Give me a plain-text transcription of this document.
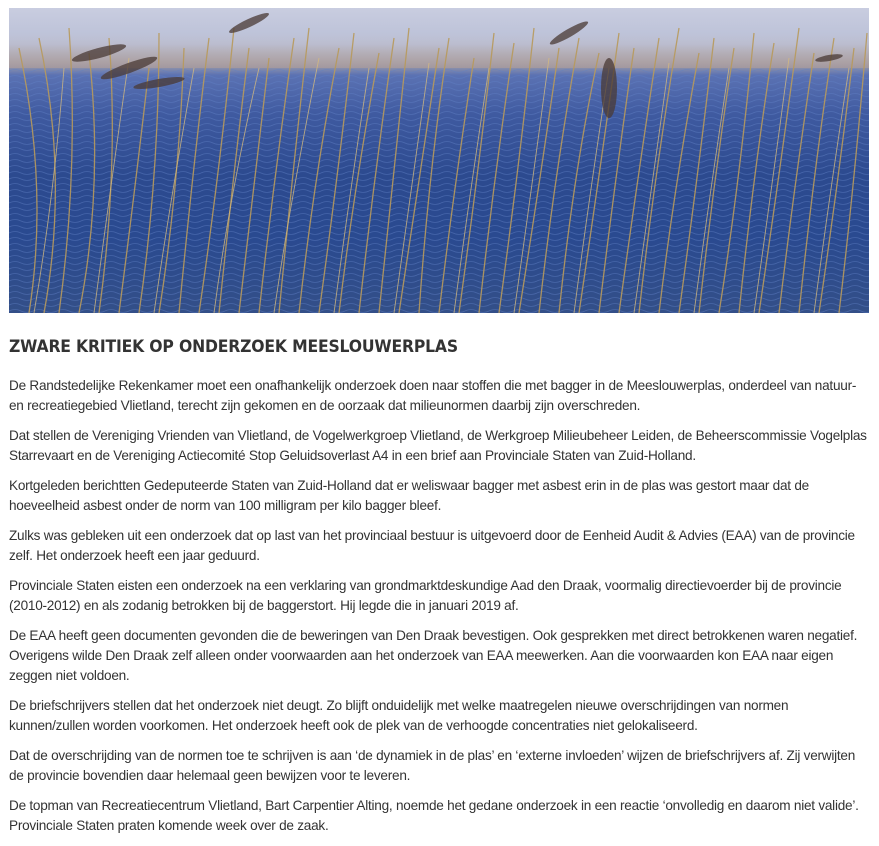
ZWARE KRITIEK OP ONDERZOEK MEESLOUWERPLAS

De Randstedelijke Rekenkamer moet een onafhankelijk onderzoek doen naar stoffen die met bagger in de Meeslouwerplas, onderdeel van natuur- en recreatiegebied Vlietland, terecht zijn gekomen en de oorzaak dat milieunormen daarbij zijn overschreden.

Dat stellen de Vereniging Vrienden van Vlietland, de Vogelwerkgroep Vlietland, de Werkgroep Milieubeheer Leiden, de Beheerscommissie Vogelplas Starrevaart en de Vereniging Actiecomité Stop Geluidsoverlast A4 in een brief aan Provinciale Staten van Zuid-Holland.

Kortgeleden berichtten Gedeputeerde Staten van Zuid-Holland dat er weliswaar bagger met asbest erin in de plas was gestort maar dat de hoeveelheid asbest onder de norm van 100 milligram per kilo bagger bleef.

Zulks was gebleken uit een onderzoek dat op last van het provinciaal bestuur is uitgevoerd door de Eenheid Audit & Advies (EAA) van de provincie zelf. Het onderzoek heeft een jaar geduurd.

Provinciale Staten eisten een onderzoek na een verklaring van grondmarktdeskundige Aad den Draak, voormalig directievoerder bij de provincie (2010-2012) en als zodanig betrokken bij de baggerstort. Hij legde die in januari 2019 af.

De EAA heeft geen documenten gevonden die de beweringen van Den Draak bevestigen. Ook gesprekken met direct betrokkenen waren negatief. Overigens wilde Den Draak zelf alleen onder voorwaarden aan het onderzoek van EAA meewerken. Aan die voorwaarden kon EAA naar eigen zeggen niet voldoen.

De briefschrijvers stellen dat het onderzoek niet deugt. Zo blijft onduidelijk met welke maatregelen nieuwe overschrijdingen van normen kunnen/zullen worden voorkomen. Het onderzoek heeft ook de plek van de verhoogde concentraties niet gelokaliseerd.

Dat de overschrijding van de normen toe te schrijven is aan ‘de dynamiek in de plas’ en ‘externe invloeden’ wijzen de briefschrijvers af. Zij verwijten de provincie bovendien daar helemaal geen bewijzen voor te leveren.

De topman van Recreatiecentrum Vlietland, Bart Carpentier Alting, noemde het gedane onderzoek in een reactie ‘onvolledig en daarom niet valide’. Provinciale Staten praten komende week over de zaak.
